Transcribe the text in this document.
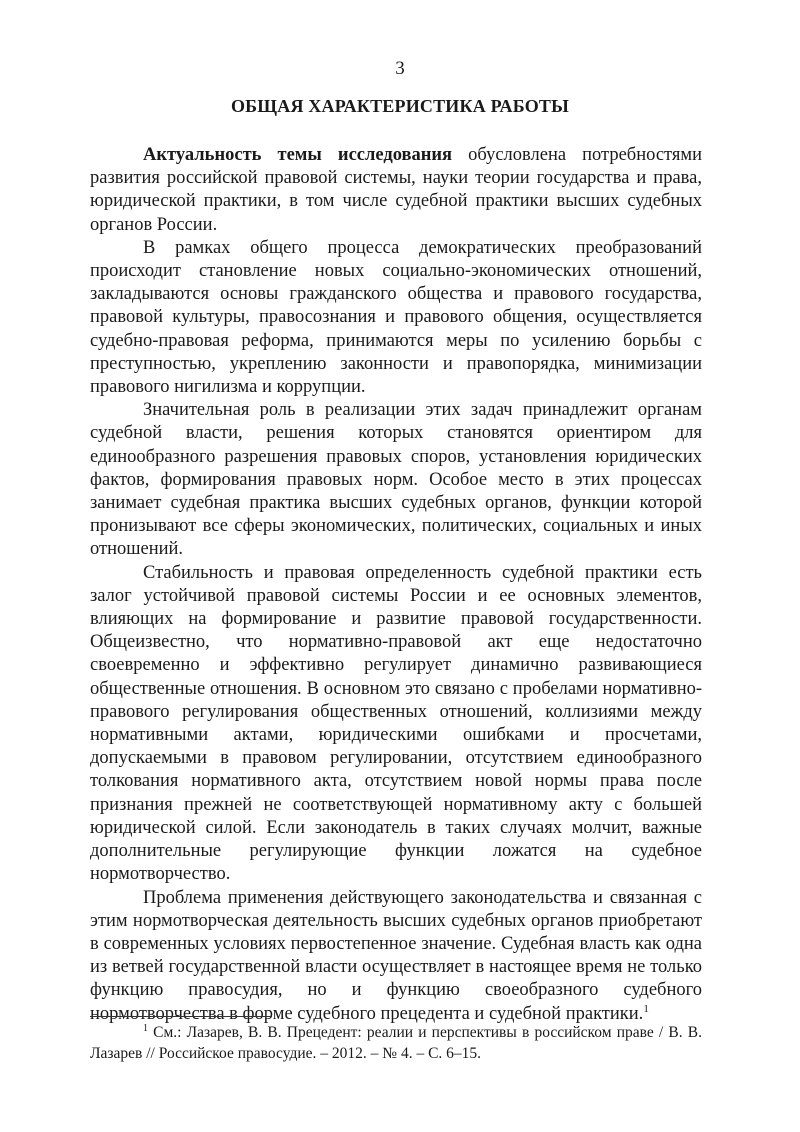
3
ОБЩАЯ ХАРАКТЕРИСТИКА РАБОТЫ

Актуальность темы исследования обусловлена потребностями развития российской правовой системы, науки теории государства и права, юридической практики, в том числе судебной практики высших судебных органов России.

В рамках общего процесса демократических преобразований происходит становление новых социально-экономических отношений, закладываются основы гражданского общества и правового государства, правовой культуры, правосознания и правового общения, осуществляется судебно-правовая реформа, принимаются меры по усилению борьбы с преступностью, укреплению законности и правопорядка, минимизации правового нигилизма и коррупции.

Значительная роль в реализации этих задач принадлежит органам судебной власти, решения которых становятся ориентиром для единообразного разрешения правовых споров, установления юридических фактов, формирования правовых норм. Особое место в этих процессах занимает судебная практика высших судебных органов, функции которой пронизывают все сферы экономических, политических, социальных и иных отношений.

Стабильность и правовая определенность судебной практики есть залог устойчивой правовой системы России и ее основных элементов, влияющих на формирование и развитие правовой государственности. Общеизвестно, что нормативно-правовой акт еще недостаточно своевременно и эффективно регулирует динамично развивающиеся общественные отношения. В основном это связано с пробелами нормативно-правового регулирования общественных отношений, коллизиями между нормативными актами, юридическими ошибками и просчетами, допускаемыми в правовом регулировании, отсутствием единообразного толкования нормативного акта, отсутствием новой нормы права после признания прежней не соответствующей нормативному акту с большей юридической силой. Если законодатель в таких случаях молчит, важные дополнительные регулирующие функции ложатся на судебное нормотворчество.

Проблема применения действующего законодательства и связанная с этим нормотворческая деятельность высших судебных органов приобретают в современных условиях первостепенное значение. Судебная власть как одна из ветвей государственной власти осуществляет в настоящее время не только функцию правосудия, но и функцию своеобразного судебного нормотворчества в форме судебного прецедента и судебной практики.$^1$

$^1$ См.: Лазарев, В. В. Прецедент: реалии и перспективы в российском праве / В. В. Лазарев // Российское правосудие. – 2012. – № 4. – С. 6–15.
